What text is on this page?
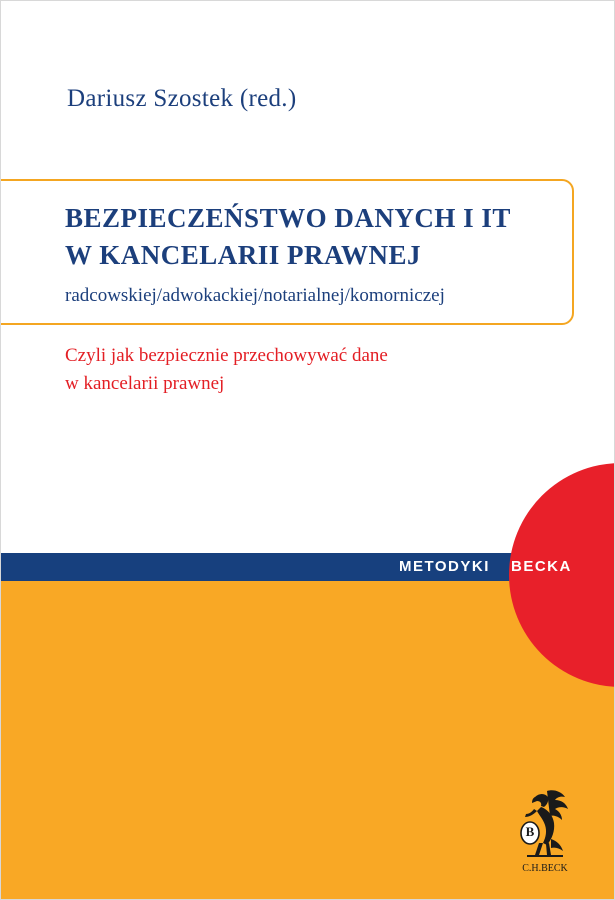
Dariusz Szostek (red.)
BEZPIECZEŃSTWO DANYCH I IT
W KANCELARII PRAWNEJ
radcowskiej/adwokackiej/notarialnej/komorniczej
Czyli jak bezpiecznie przechowywać dane
w kancelarii prawnej
METODYKI BECKA
B
C.H.BECK
